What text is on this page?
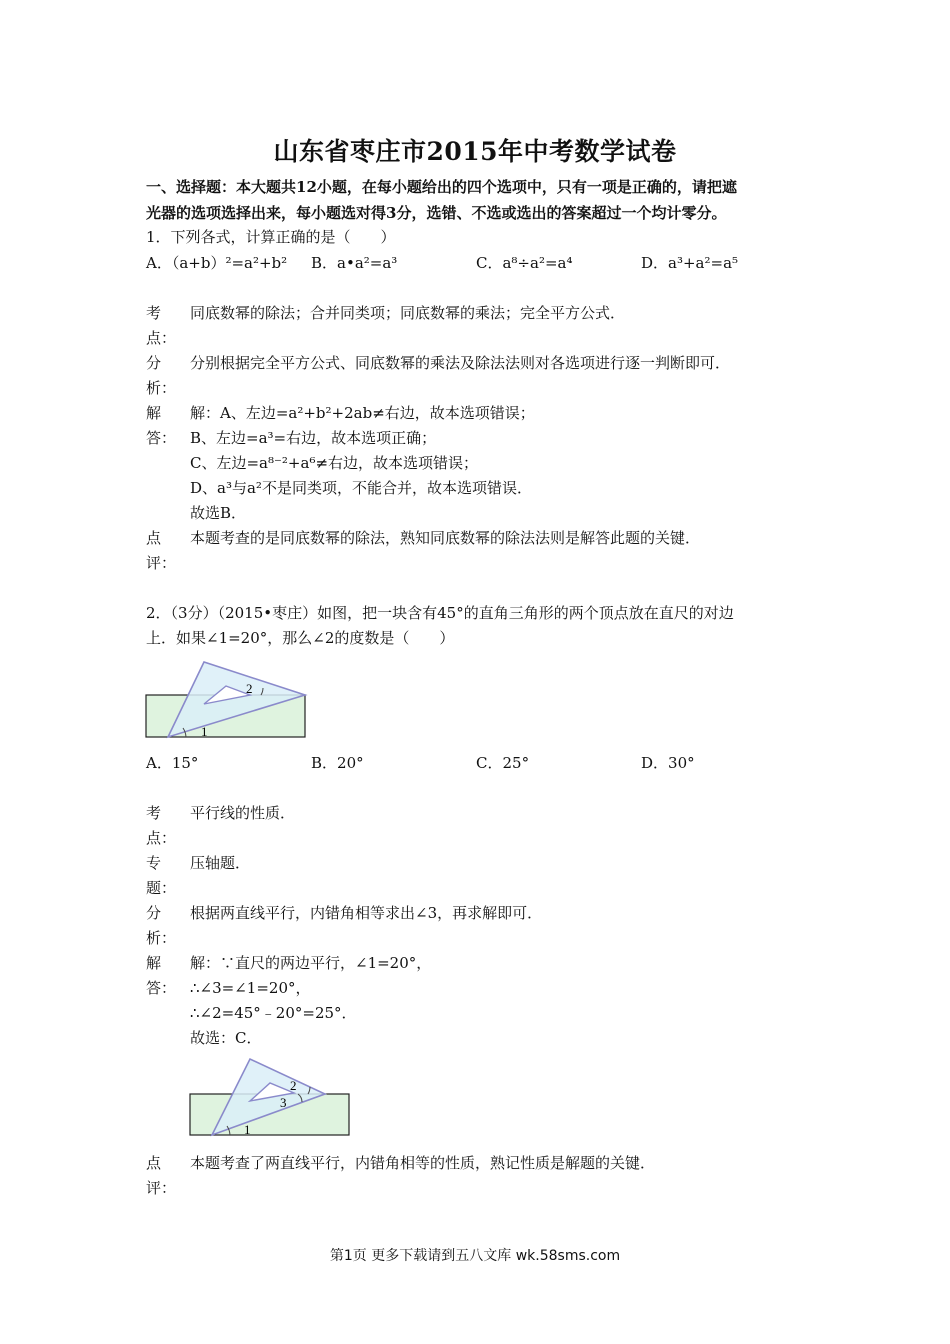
山东省枣庄市2015年中考数学试卷
一、选择题：本大题共12小题，在每小题给出的四个选项中，只有一项是正确的，请把遮
光器的选项选择出来，每小题选对得3分，选错、不选或选出的答案超过一个均计零分。
1．下列各式，计算正确的是（　　）
A．（a+b）²=a²+b² B．a•a²=a³	C．a⁸÷a²=a⁴	D．a³+a²=a⁵
考
点：
同底数幂的除法；合并同类项；同底数幂的乘法；完全平方公式．
分
析：
分别根据完全平方公式、同底数幂的乘法及除法法则对各选项进行逐一判断即可．
解
答：
解：A、左边=a²+b²+2ab≠右边，故本选项错误；
B、左边=a³=右边，故本选项正确；
C、左边=a⁸⁻²+a⁶≠右边，故本选项错误；
D、a³与a²不是同类项，不能合并，故本选项错误．
故选B．
点
评：
本题考查的是同底数幂的除法，熟知同底数幂的除法法则是解答此题的关键．
2．（3分）（2015•枣庄）如图，把一块含有45°的直角三角形的两个顶点放在直尺的对边
上．如果∠1=20°，那么∠2的度数是（　　）
1
2
A．15°	B．20°	C．25°	D．30°
考
点：
平行线的性质．
专
题：
压轴题．
分
析：
根据两直线平行，内错角相等求出∠3，再求解即可．
解
答：
解：∵直尺的两边平行，∠1=20°，
∴∠3=∠1=20°，
∴∠2=45°﹣20°=25°．
故选：C．
1
2
3
点
评：
本题考查了两直线平行，内错角相等的性质，熟记性质是解题的关键．
第1页 更多下载请到五八文库 wk.58sms.com
